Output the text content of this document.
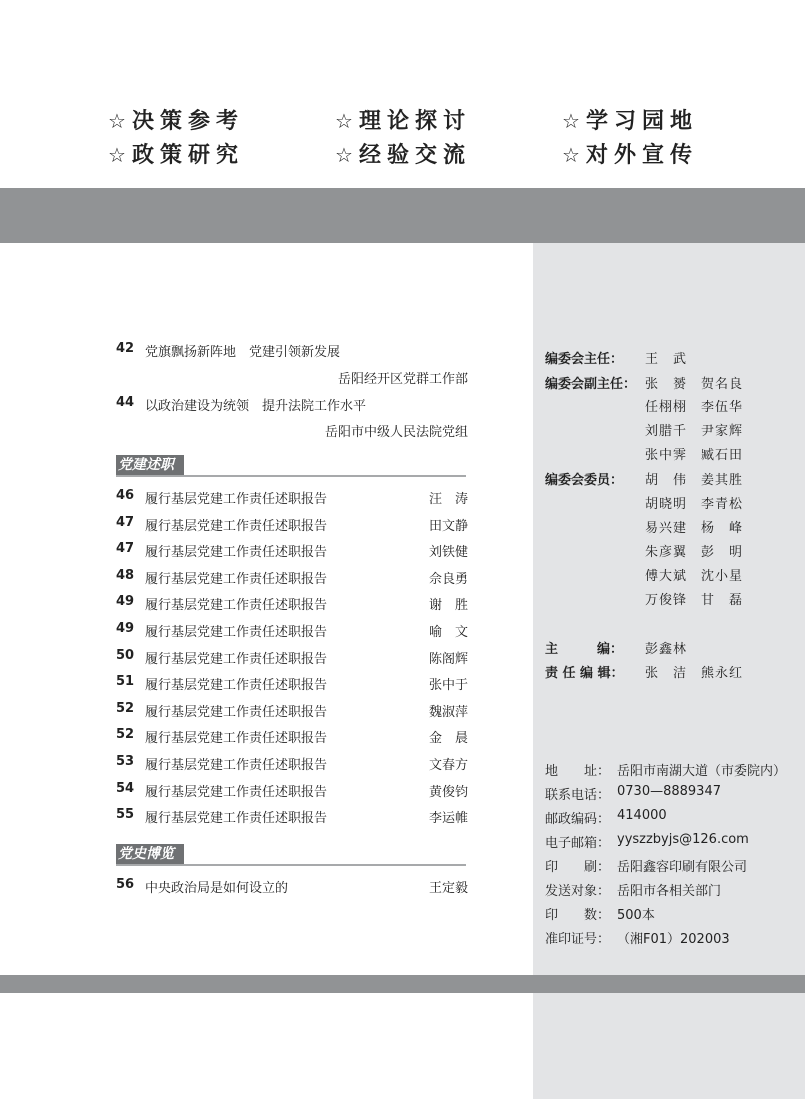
☆ 决策参考	☆ 理论探讨	☆ 学习园地
☆ 政策研究	☆ 经验交流	☆ 对外宣传
42 党旗飘扬新阵地　党建引领新发展
岳阳经开区党群工作部
44 以政治建设为统领　提升法院工作水平
岳阳市中级人民法院党组
党建述职
46 履行基层党建工作责任述职报告	汪　涛
47 履行基层党建工作责任述职报告	田文静
47 履行基层党建工作责任述职报告	刘铁健
48 履行基层党建工作责任述职报告	佘良勇
49 履行基层党建工作责任述职报告	谢　胜
49 履行基层党建工作责任述职报告	喻　文
50 履行基层党建工作责任述职报告	陈阁辉
51 履行基层党建工作责任述职报告	张中于
52 履行基层党建工作责任述职报告	魏淑萍
52 履行基层党建工作责任述职报告	金　晨
53 履行基层党建工作责任述职报告	文春方
54 履行基层党建工作责任述职报告	黄俊钧
55 履行基层党建工作责任述职报告	李运帷
党史博览
56 中央政治局是如何设立的	王定毅
编委会主任： 王　武
编委会副主任： 张　赟　贺名良
任栩栩　李伍华
刘腊千　尹家辉
张中霁　臧石田
编委会委员： 胡　伟　姜其胜
胡晓明　李青松
易兴建　杨　峰
朱彦翼　彭　明
傅大斌　沈小星
万俊锋　甘　磊
主　　　编： 彭鑫林
责 任 编 辑： 张　洁　熊永红
地　　址： 岳阳市南湖大道（市委院内）
联系电话： 0730—8889347
邮政编码： 414000
电子邮箱： yyszzbyjs@126.com
印　　刷： 岳阳鑫容印刷有限公司
发送对象： 岳阳市各相关部门
印　　数： 500本
准印证号： （湘F01）202003
